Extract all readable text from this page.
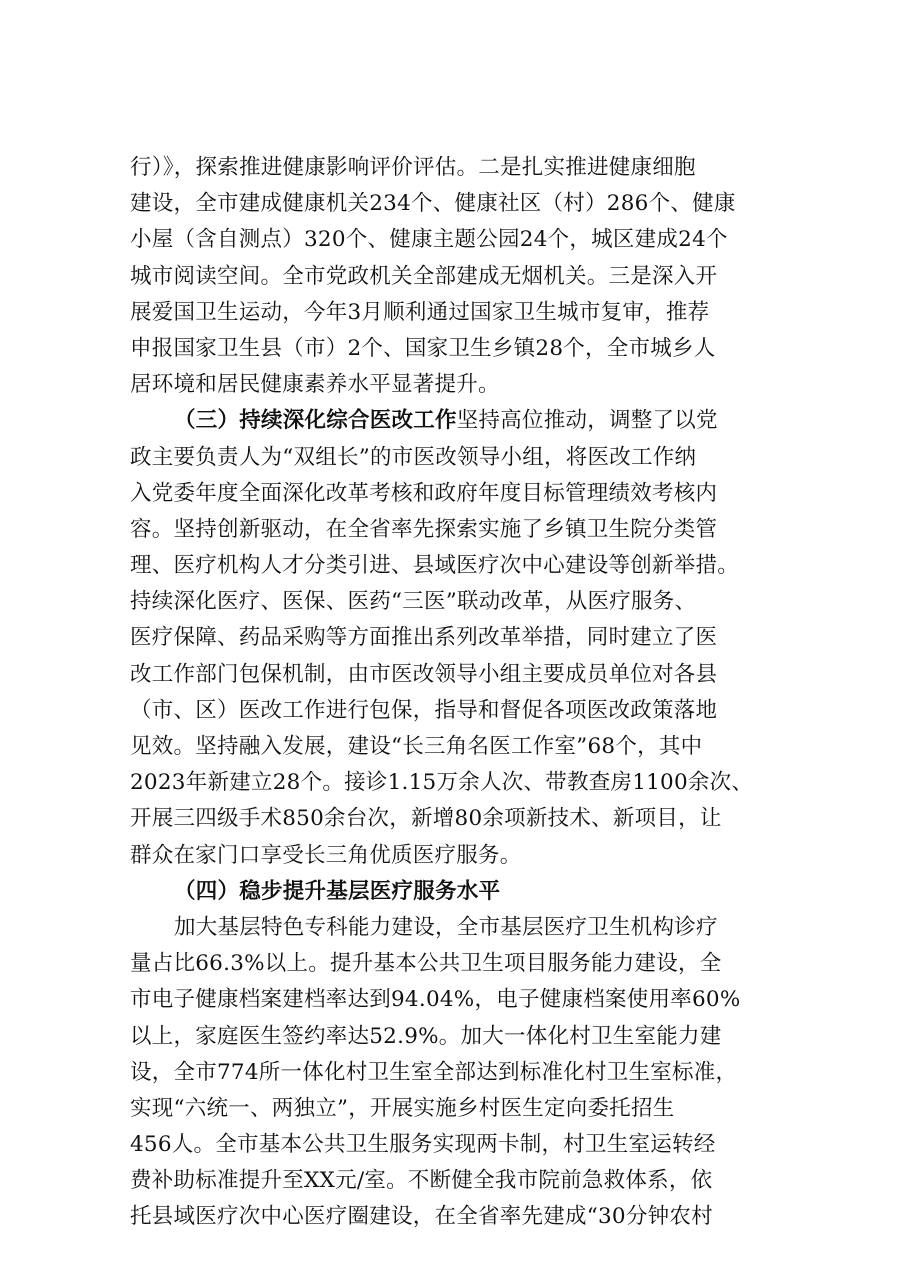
行）》，探索推进健康影响评价评估。二是扎实推进健康细胞
建设，全市建成健康机关234个、健康社区（村）286个、健康
小屋（含自测点）320个、健康主题公园24个，城区建成24个
城市阅读空间。全市党政机关全部建成无烟机关。三是深入开
展爱国卫生运动，今年3月顺利通过国家卫生城市复审，推荐
申报国家卫生县（市）2个、国家卫生乡镇28个，全市城乡人
居环境和居民健康素养水平显著提升。
（三）持续深化综合医改工作坚持高位推动，调整了以党
政主要负责人为“双组长”的市医改领导小组，将医改工作纳
入党委年度全面深化改革考核和政府年度目标管理绩效考核内
容。坚持创新驱动，在全省率先探索实施了乡镇卫生院分类管
理、医疗机构人才分类引进、县域医疗次中心建设等创新举措。
持续深化医疗、医保、医药“三医”联动改革，从医疗服务、
医疗保障、药品采购等方面推出系列改革举措，同时建立了医
改工作部门包保机制，由市医改领导小组主要成员单位对各县
（市、区）医改工作进行包保，指导和督促各项医改政策落地
见效。坚持融入发展，建设“长三角名医工作室”68个，其中
2023年新建立28个。接诊1.15万余人次、带教查房1100余次、
开展三四级手术850余台次，新增80余项新技术、新项目，让
群众在家门口享受长三角优质医疗服务。
（四）稳步提升基层医疗服务水平
加大基层特色专科能力建设，全市基层医疗卫生机构诊疗
量占比66.3%以上。提升基本公共卫生项目服务能力建设，全
市电子健康档案建档率达到94.04%，电子健康档案使用率60%
以上，家庭医生签约率达52.9%。加大一体化村卫生室能力建
设，全市774所一体化村卫生室全部达到标准化村卫生室标准，
实现“六统一、两独立”，开展实施乡村医生定向委托招生
456人。全市基本公共卫生服务实现两卡制，村卫生室运转经
费补助标准提升至XX元/室。不断健全我市院前急救体系，依
托县域医疗次中心医疗圈建设，在全省率先建成“30分钟农村
